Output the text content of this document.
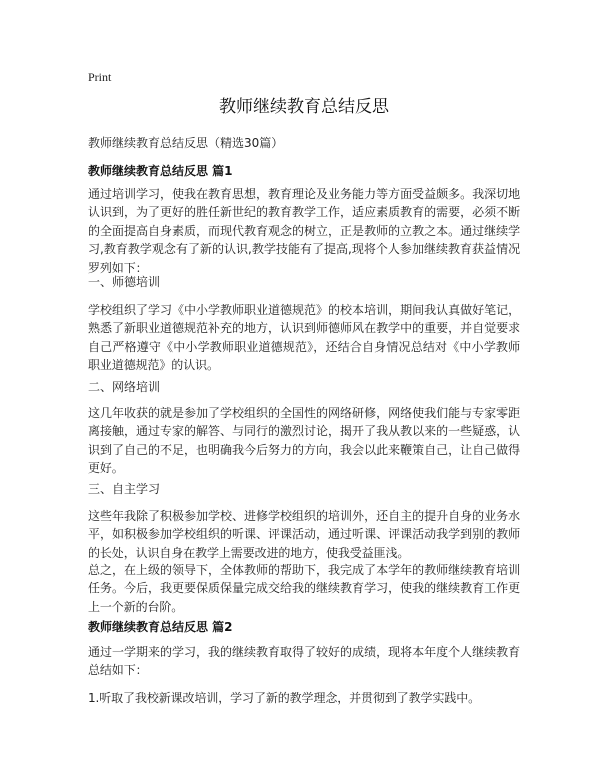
Print
教师继续教育总结反思
教师继续教育总结反思（精选30篇）
教师继续教育总结反思 篇1
通过培训学习，使我在教育思想，教育理论及业务能力等方面受益颇多。我深切地认识到，为了更好的胜任新世纪的教育教学工作，适应素质教育的需要，必须不断的全面提高自身素质，而现代教育观念的树立，正是教师的立教之本。通过继续学习,教育教学观念有了新的认识,教学技能有了提高,现将个人参加继续教育获益情况罗列如下：
一、师德培训
学校组织了学习《中小学教师职业道德规范》的校本培训，期间我认真做好笔记，熟悉了新职业道德规范补充的地方，认识到师德师风在教学中的重要，并自觉要求自己严格遵守《中小学教师职业道德规范》，还结合自身情况总结对《中小学教师职业道德规范》的认识。
二、网络培训
这几年收获的就是参加了学校组织的全国性的网络研修，网络使我们能与专家零距离接触，通过专家的解答、与同行的激烈讨论，揭开了我从教以来的一些疑惑，认识到了自己的不足，也明确我今后努力的方向，我会以此来鞭策自己，让自己做得更好。
三、自主学习
这些年我除了积极参加学校、进修学校组织的培训外，还自主的提升自身的业务水平，如积极参加学校组织的听课、评课活动，通过听课、评课活动我学到别的教师的长处，认识自身在教学上需要改进的地方，使我受益匪浅。
总之，在上级的领导下，全体教师的帮助下，我完成了本学年的教师继续教育培训任务。今后，我更要保质保量完成交给我的继续教育学习，使我的继续教育工作更上一个新的台阶。
教师继续教育总结反思 篇2
通过一学期来的学习，我的继续教育取得了较好的成绩，现将本年度个人继续教育总结如下：
1.听取了我校新课改培训，学习了新的教学理念，并贯彻到了教学实践中。
